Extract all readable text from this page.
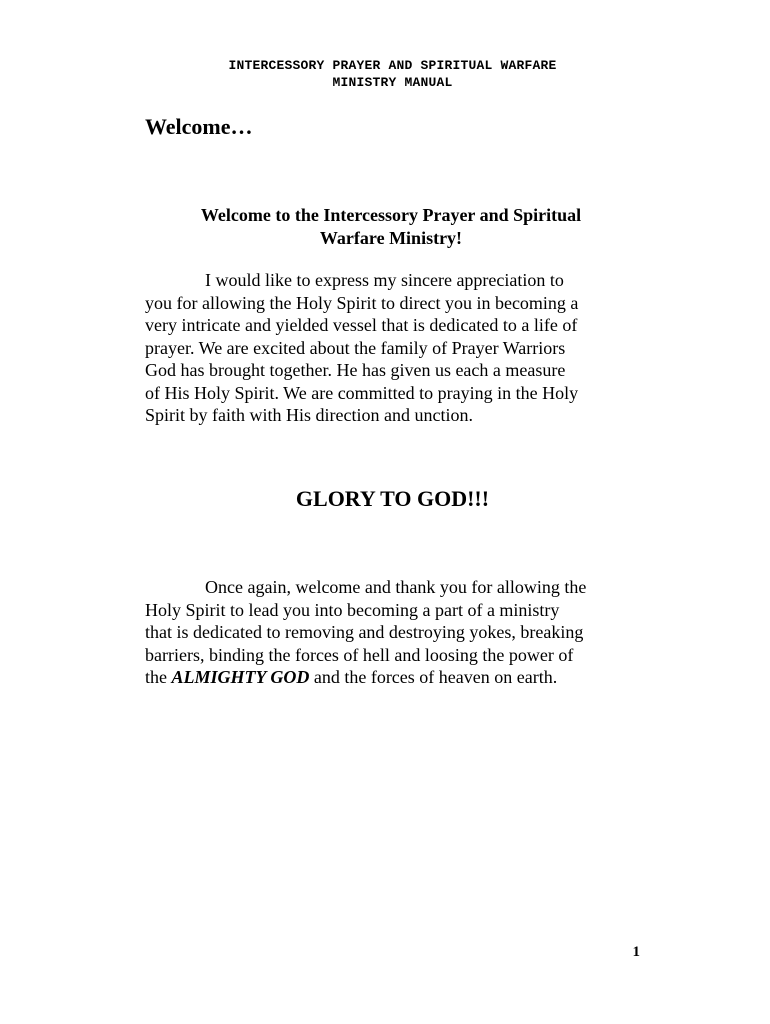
INTERCESSORY PRAYER AND SPIRITUAL WARFARE
MINISTRY MANUAL
Welcome…
Welcome to the Intercessory Prayer and Spiritual
Warfare Ministry!

I would like to express my sincere appreciation to
you for allowing the Holy Spirit to direct you in becoming a
very intricate and yielded vessel that is dedicated to a life of
prayer. We are excited about the family of Prayer Warriors
God has brought together. He has given us each a measure
of His Holy Spirit. We are committed to praying in the Holy
Spirit by faith with His direction and unction.

GLORY TO GOD!!!

Once again, welcome and thank you for allowing the
Holy Spirit to lead you into becoming a part of a ministry
that is dedicated to removing and destroying yokes, breaking
barriers, binding the forces of hell and loosing the power of
the ALMIGHTY GOD and the forces of heaven on earth.

1
